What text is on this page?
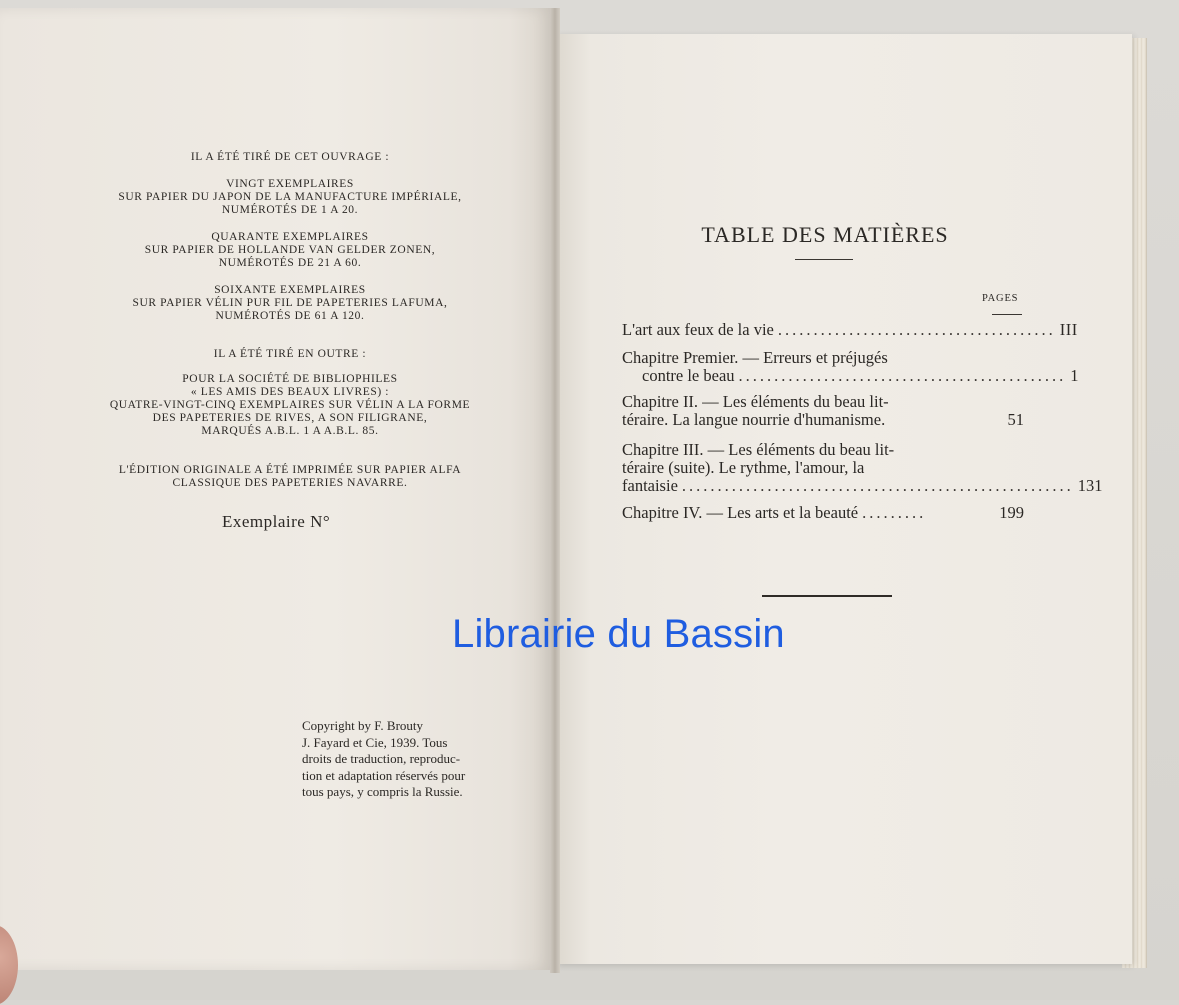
IL A ÉTÉ TIRÉ DE CET OUVRAGE :
VINGT EXEMPLAIRES
SUR PAPIER DU JAPON DE LA MANUFACTURE IMPÉRIALE,
NUMÉROTÉS DE 1 A 20.
QUARANTE EXEMPLAIRES
SUR PAPIER DE HOLLANDE VAN GELDER ZONEN,
NUMÉROTÉS DE 21 A 60.
SOIXANTE EXEMPLAIRES
SUR PAPIER VÉLIN PUR FIL DE PAPETERIES LAFUMA,
NUMÉROTÉS DE 61 A 120.
IL A ÉTÉ TIRÉ EN OUTRE :
POUR LA SOCIÉTÉ DE BIBLIOPHILES
« LES AMIS DES BEAUX LIVRES) :
QUATRE-VINGT-CINQ EXEMPLAIRES SUR VÉLIN A LA FORME
DES PAPETERIES DE RIVES, A SON FILIGRANE,
MARQUÉS A.B.L. 1 A A.B.L. 85.
L'ÉDITION ORIGINALE A ÉTÉ IMPRIMÉE SUR PAPIER ALFA
CLASSIQUE DES PAPETERIES NAVARRE.
Exemplaire N°
Copyright by F. Brouty
J. Fayard et Cie, 1939. Tous
droits de traduction, reproduc-
tion et adaptation réservés pour
tous pays, y compris la Russie.
TABLE DES MATIÈRES
PAGES
L'art aux feux de la vie ....................................... III
Chapitre Premier. — Erreurs et préjugés
contre le beau .............................................. 1
Chapitre II. — Les éléments du beau lit-
téraire. La langue nourrie d'humanisme.	51
Chapitre III. — Les éléments du beau lit-
téraire (suite). Le rythme, l'amour, la
fantaisie ....................................................... 131
Chapitre IV. — Les arts et la beauté .........	199
Librairie du Bassin
